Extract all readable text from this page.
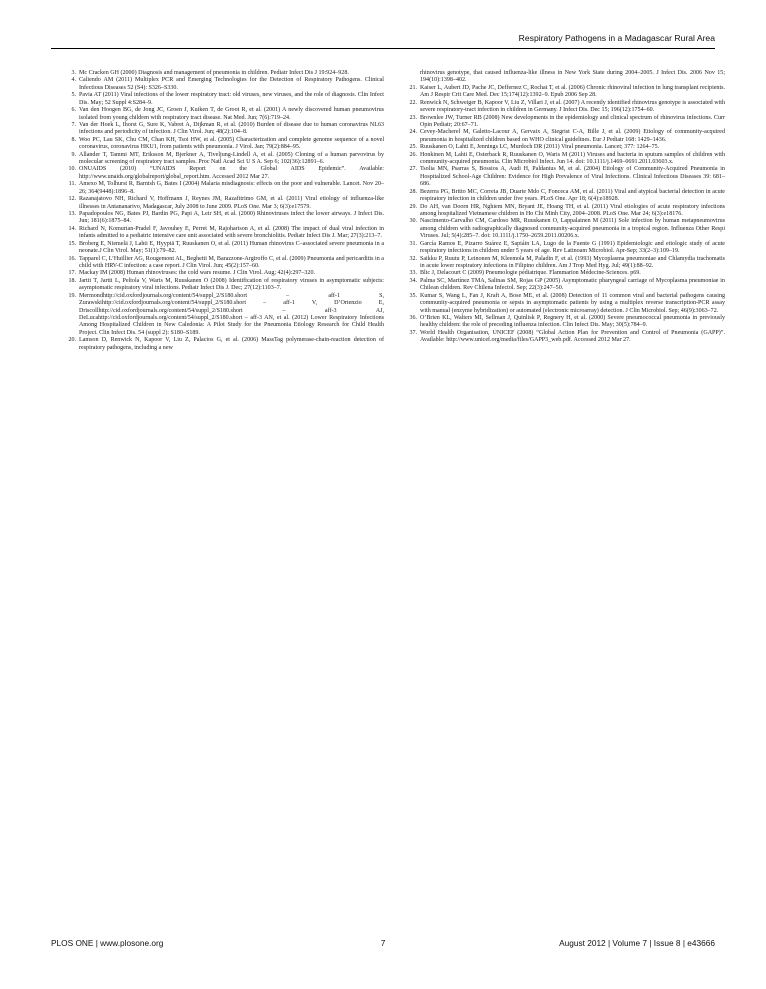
Respiratory Pathogens in a Madagascar Rural Area
3. Mc Cracken GH (2000) Diagnosis and management of pneumonia in children. Pediatr Infect Dis J 19:924–928.
4. Caliendo AM (2011) Multiplex PCR and Emerging Technologies for the Detection of Respiratory Pathogens. Clinical Infectious Diseases 52 (S4): S326–S330.
5. Pavia AT (2011) Viral infections of the lower respiratory tract: old viruses, new viruses, and the role of diagnosis. Clin Infect Dis. May; 52 Suppl 4:S284–9.
6. Van den Hoogen BG, de Jong JC, Groen J, Kuiken T, de Groot R, et al. (2001) A newly discovered human pneumovirus isolated from young children with respiratory tract disease. Nat Med. Jun; 7(6):719–24.
7. Van der Hoek L, Ihorst G, Sure K, Vabret A, Dijkman R, et al. (2010) Burden of disease due to human coronavirus NL63 infections and periodicity of infection. J Clin Virol. Jun; 48(2):104–8.
8. Woo PC, Lau SK, Chu CM, Chan KH, Tsoi HW, et al. (2005) Characterization and complete genome sequence of a novel coronavirus, coronavirus HKU1, from patients with pneumonia. J Virol. Jan; 79(2):884–95.
9. Allander T, Tammi MT, Eriksson M, Bjerkner A, Tiveljung-Lindell A, et al. (2005) Cloning of a human parvovirus by molecular screening of respiratory tract samples. Proc Natl Acad Sci U S A. Sep 6; 102(36):12891–6.
10. ONUAIDS (2010) “UNAIDS Report on the Global AIDS Epidemic”. Available: http://www.unaids.org/globalreport/global_report.htm. Accessed 2012 Mar 27.
11. Amexo M, Tolhurst R, Barnish G, Bates I (2004) Malaria misdiagnosis: effects on the poor and vulnerable. Lancet. Nov 20–26; 364(9448):1896–8.
12. Razanajatovo NH, Richard V, Hoffmann J, Reynes JM, Razafitrimo GM, et al. (2011) Viral etiology of influenza-like illnesses in Antananarivo, Madagascar, July 2008 to June 2009. PLoS One. Mar 3; 6(3):e17579.
13. Papadopoulos NG, Bates PJ, Bardin PG, Papi A, Leir SH, et al. (2000) Rhinoviruses infect the lower airways. J Infect Dis. Jun; 181(6):1875–84.
14. Richard N, Komurian-Pradel F, Javouhey E, Perret M, Rajoharison A, et al. (2008) The impact of dual viral infection in infants admitted to a pediatric intensive care unit associated with severe bronchiolitis. Pediatr Infect Dis J. Mar; 27(3):213–7.
15. Broberg E, Niemelä J, Lahti E, Hyypiä T, Ruuskanen O, et al. (2011) Human rhinovirus C–associated severe pneumonia in a neonate.J Clin Virol. May; 51(1):79–82.
16. Tapparel C, L’Huillier AG, Rougemont AL, Beghetti M, Barazzone-Argiroffo C, et al. (2009) Pneumonia and pericarditis in a child with HRV-C infection: a case report. J Clin Virol. Jun; 45(2):157–60.
17. Mackay IM (2008) Human rhinoviruses: the cold wars resume. J Clin Virol. Aug; 42(4):297–320.
18. Jartti T, Jartti L, Peltola V, Waris M, Ruuskanen O (2008) Identification of respiratory viruses in asymptomatic subjects: asymptomatic respiratory viral infections. Pediatr Infect Dis J. Dec; 27(12):1103–7.
19. Mermondhttp://cid.oxfordjournals.org/content/54/suppl_2/S180.short – aff-1 S, Zurawskihttp://cid.oxfordjournals.org/content/54/suppl_2/S180.short – aff-1 V, D’Ortenzio E, Driscollhttp://cid.oxfordjournals.org/content/54/suppl_2/S180.short – aff-3 AJ, DeLucahttp://cid.oxfordjournals.org/content/54/suppl_2/S180.short – aff-3 AN, et al. (2012) Lower Respiratory Infections Among Hospitalized Children in New Caledonia: A Pilot Study for the Pneumonia Etiology Research for Child Health Project. Clin Infect Dis. 54 (suppl 2): S180–S189.
20. Lamson D, Renwick N, Kapoor V, Liu Z, Palacios G, et al. (2006) MassTag polymerase-chain-reaction detection of respiratory pathogens, including a new
rhinovirus genotype, that caused influenza-like illness in New York State during 2004–2005. J Infect Dis. 2006 Nov 15; 194(10):1398–402.
21. Kaiser L, Aubert JD, Pache JC, Deffernez C, Rochat T, et al. (2006) Chronic rhinoviral infection in lung transplant recipients. Am J Respir Crit Care Med. Dec 15;174(12):1392–9. Epub 2006 Sep 28.
22. Renwick N, Schweiger B, Kapoor V, Liu Z, Villari J, et al. (2007) A recently identified rhinovirus genotype is associated with severe respiratory-tract infection in children in Germany. J Infect Dis. Dec 15; 196(12):1754–60.
23. Brownlee JW, Turner RB (2008) New developments in the epidemiology and clinical spectrum of rhinovirus infections. Curr Opin Pediatr; 20:67–71.
24. Cevey-Macherel M, Galetto-Lacour A, Gervaix A, Siegrist C-A, Bille J, et al. (2009) Etiology of community-acquired pneumonia in hospitalized children based on WHO clinical guidelines. Eur J Pediatr 168: 1429–1436.
25. Ruuskanen O, Lahti E, Jennings LC, Murdoch DR (2011) Viral pneumonia. Lancet; 377: 1264–75.
26. Honkinen M, Lahti E, Osterback R, Ruuskanen O, Waris M (2011) Viruses and bacteria in sputum samples of children with community-acquired pneumonia. Clin Microbiol Infect. Jun 14. doi: 10.1111/j.1469–0691.2011.03603.x.
27. Tsolia MN, Psarras S, Bossios A, Audi H, Paldanius M, et al. (2004) Etiology of Community-Acquired Pneumonia in Hospitalized School-Age Children: Evidence for High Prevalence of Viral Infections. Clinical Infectious Diseases 39: 681–686.
28. Bezerra PG, Britto MC, Correia JB, Duarte Mdo C, Fonceca AM, et al. (2011) Viral and atypical bacterial detection in acute respiratory infection in children under five years. PLoS One. Apr 18; 6(4):e18928.
29. Do AH, van Doorn HR, Nghiem MN, Bryant JE, Hoang TH, et al. (2011) Viral etiologies of acute respiratory infections among hospitalized Vietnamese children in Ho Chi Minh City, 2004–2008. PLoS One. Mar 24; 6(3):e18176.
30. Nascimento-Carvalho CM, Cardoso MR, Ruuskanen O, Lappalainen M (2011) Sole infection by human metapneumovirus among children with radiographically diagnosed community-acquired pneumonia in a tropical region. Influenza Other Respi Viruses. Jul; 5(4):285–7. doi: 10.1111/j.1750–2659.2011.00206.x.
31. García Ramos E, Pizarro Suárez E, Sapiáin LA, Lugo de la Fuente G (1991) Epidemiologic and etiologic study of acute respiratory infections in children under 5 years of age. Rev Latinoam Microbiol. Apr-Sep; 33(2–3):109–19.
32. Saikku P, Ruutu P, Leinonen M, Kleemola M, Paladin F, et al. (1993) Mycoplasma pneumoniae and Chlamydia trachomatis in acute lower respiratory infections in Filipino children. Am J Trop Med Hyg. Jul; 49(1):88–92.
33. Blic J, Delacourt C (2009) Pneumologie pédiatrique. Flammarion Médecine-Sciences. p69.
34. Palma SC, Martínez TMA, Salinas SM, Rojas GP (2005) Asymptomatic pharyngeal carriage of Mycoplasma pneumoniae in Chilean children. Rev Chilena Infectol. Sep; 22(3):247–50.
35. Kumar S, Wang L, Fan J, Kraft A, Bose ME, et al. (2008) Detection of 11 common viral and bacterial pathogens causing community-acquired pneumonia or sepsis in asymptomatic patients by using a multiplex reverse transcription-PCR assay with manual (enzyme hybridization) or automated (electronic microarray) detection. J Clin Microbiol. Sep; 46(9):3063–72.
36. O’Brien KL, Walters MI, Sellman J, Quinlisk P, Regnery H, et al. (2000) Severe pneumococcal pneumonia in previously healthy children: the role of preceding influenza infection. Clin Infect Dis. May; 30(5):784–9.
37. World Health Organisation, UNICEF (2008) “Global Action Plan for Prevention and Control of Pneumonia (GAPP)”. Available: http://www.unicef.org/media/files/GAPP3_web.pdf. Accessed 2012 Mar 27.
PLOS ONE | www.plosone.org	7	August 2012 | Volume 7 | Issue 8 | e43666
